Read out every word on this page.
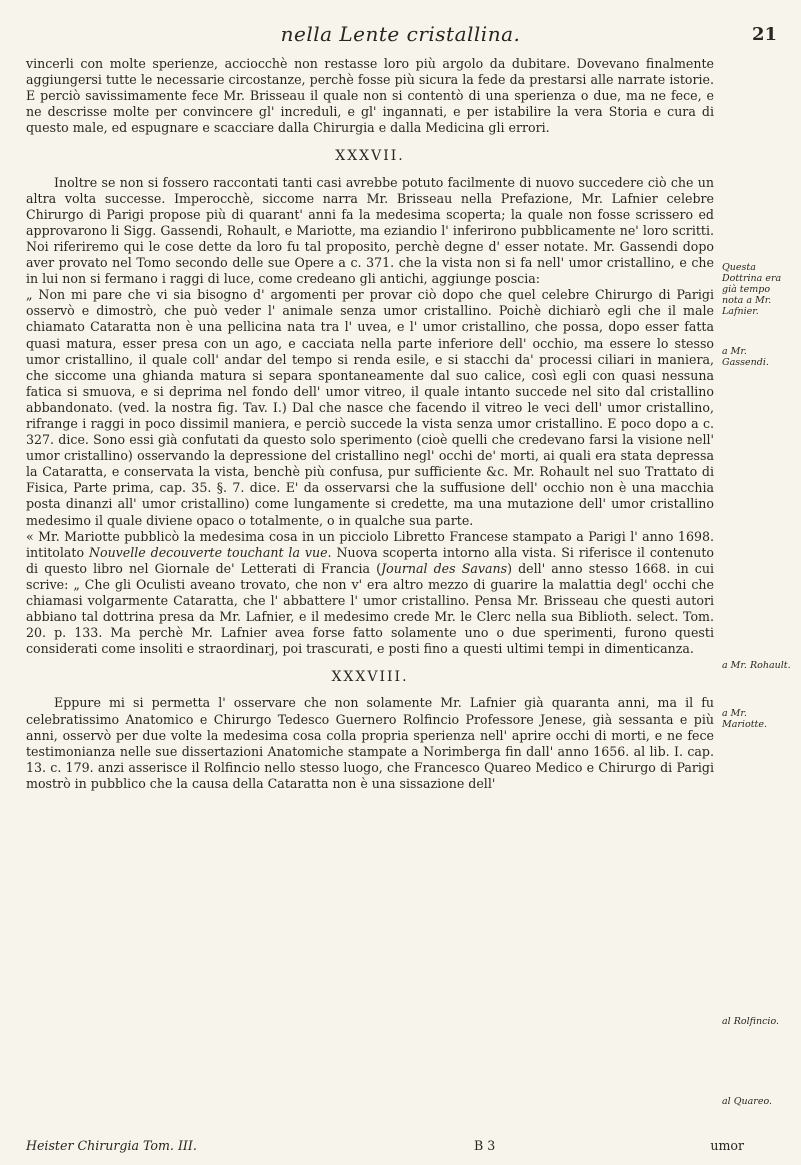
nella Lente cristallina.	21

vincerli con molte sperienze, acciocchè non restasse loro più argolo da dubitare. Dovevano finalmente aggiungersi tutte le necessarie circostanze, perchè fosse più sicura la fede da prestarsi alle narrate istorie. E perciò savissimamente fece Mr. Brisseau il quale non si contentò di una sperienza o due, ma ne fece, e ne descrisse molte per convincere gl' increduli, e gl' ingannati, e per istabilire la vera Storia e cura di questo male, ed espugnare e scacciare dalla Chirurgia e dalla Medicina gli errori.

XXXVII.

Inoltre se non si fossero raccontati tanti casi avrebbe potuto facilmente di nuovo succedere ciò che un altra volta successe. Imperocchè, siccome narra Mr. Brisseau nella Prefazione, Mr. Lafnier celebre Chirurgo di Parigi propose più di quarant' anni fa la medesima scoperta; la quale non fosse scrissero ed approvarono li Sigg. Gassendi, Rohault, e Mariotte, ma eziandio l' inferirono pubblicamente ne' loro scritti. Noi riferiremo qui le cose dette da loro fu tal proposito, perchè degne d' esser notate. Mr. Gassendi dopo aver provato nel Tomo secondo delle sue Opere a c. 371. che la vista non si fa nell' umor cristallino, e che in lui non si fermano i raggi di luce, come credeano gli antichi, aggiunge poscia:

„ Non mi pare che vi sia bisogno d' argomenti per provar ciò dopo che quel celebre Chirurgo di Parigi osservò e dimostrò, che può veder l' animale senza umor cristallino. Poichè dichiarò egli che il male chiamato Cataratta non è una pellicina nata tra l' uvea, e l' umor cristallino, che possa, dopo esser fatta quasi matura, esser presa con un ago, e cacciata nella parte inferiore dell' occhio, ma essere lo stesso umor cristallino, il quale coll' andar del tempo si renda esile, e si stacchi da' processi ciliari in maniera, che siccome una ghianda matura si separa spontaneamente dal suo calice, così egli con quasi nessuna fatica si smuova, e si deprima nel fondo dell' umor vitreo, il quale intanto succede nel sito dal cristallino abbandonato. (ved. la nostra fig. Tav. I.) Dal che nasce che facendo il vitreo le veci dell' umor cristallino, rifrange i raggi in poco dissimil maniera, e perciò succede la vista senza umor cristallino. E poco dopo a c. 327. dice. Sono essi già confutati da questo solo sperimento (cioè quelli che credevano farsi la visione nell' umor cristallino) osservando la depressione del cristallino negl' occhi de' morti, ai quali era stata depressa la Cataratta, e conservata la vista, benchè più confusa, pur sufficiente &c. Mr. Rohault nel suo Trattato di Fisica, Parte prima, cap. 35. §. 7. dice. E' da osservarsi che la suffusione dell' occhio non è una macchia posta dinanzi all' umor cristallino) come lungamente si credette, ma una mutazione dell' umor cristallino medesimo il quale diviene opaco o totalmente, o in qualche sua parte.

« Mr. Mariotte pubblicò la medesima cosa in un picciolo Libretto Francese stampato a Parigi l' anno 1698. intitolato Nouvelle decouverte touchant la vue. Nuova scoperta intorno alla vista. Si riferisce il contenuto di questo libro nel Giornale de' Letterati di Francia (Journal des Savans) dell' anno stesso 1668. in cui scrive: „ Che gli Oculisti aveano trovato, che non v' era altro mezzo di guarire la malattia degl' occhi che chiamasi volgarmente Cataratta, che l' abbattere l' umor cristallino. Pensa Mr. Brisseau che questi autori abbiano tal dottrina presa da Mr. Lafnier, e il medesimo crede Mr. le Clerc nella sua Biblioth. select. Tom. 20. p. 133. Ma perchè Mr. Lafnier avea forse fatto solamente uno o due sperimenti, furono questi considerati come insoliti e straordinarj, poi trascurati, e posti fino a questi ultimi tempi in dimenticanza.

XXXVIII.

Eppure mi si permetta l' osservare che non solamente Mr. Lafnier già quaranta anni, ma il fu celebratissimo Anatomico e Chirurgo Tedesco Guernero Rolfincio Professore Jenese, già sessanta e più anni, osservò per due volte la medesima cosa colla propria sperienza nell' aprire occhi di morti, e ne fece testimonianza nelle sue dissertazioni Anatomiche stampate a Norimberga fin dall' anno 1656. al lib. I. cap. 13. c. 179. anzi asserisce il Rolfincio nello stesso luogo, che Francesco Quareo Medico e Chirurgo di Parigi mostrò in pubblico che la causa della Cataratta non è una sissazione dell'

Questa Dottrina era già tempo nota a Mr. Lafnier.
a Mr. Gassendi.
a Mr. Rohault.
a Mr. Mariotte.
al Rolfincio.
al Quareo.
Heister Chirurgia Tom. III.	B 3	umor
